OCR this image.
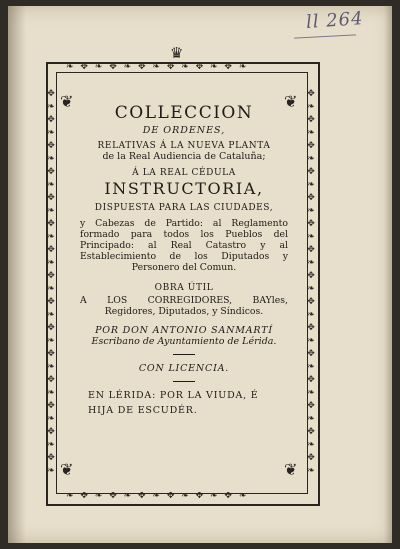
ll 264
♛
❧ ✥ ❧ ✥ ❧ ✥ ❧ ✥ ❧ ✥ ❧ ✥ ❧
❧ ✥ ❧ ✥ ❧ ✥ ❧ ✥ ❧ ✥ ❧ ✥ ❧
✥❧✥❧✥❧✥❧✥❧✥❧✥❧✥❧✥❧✥❧✥❧✥❧✥❧✥❧✥❧
✥❧✥❧✥❧✥❧✥❧✥❧✥❧✥❧✥❧✥❧✥❧✥❧✥❧✥❧✥❧
❦	❦
❦	❦
COLLECCION
DE ORDENES,
RELATIVAS Á LA NUEVA PLANTA
de la Real Audiencia de Cataluña;
Á LA REAL CÉDULA
INSTRUCTORIA,
DISPUESTA PARA LAS CIUDADES,
y Cabezas de Partido: al Reglamento formado para todos los Pueblos del Principado: al Real Catastro y al Establecimiento de los Diputados y Personero del Comun.
OBRA ÚTIL
A LOS CORREGIDORES, BAYles, Regidores, Diputados, y Síndicos.
POR DON ANTONIO SANMARTÍ
Escribano de Ayuntamiento de Lérida.
CON LICENCIA.
EN LÉRIDA: POR LA VIUDA, É
HIJA DE ESCUDÉR.
